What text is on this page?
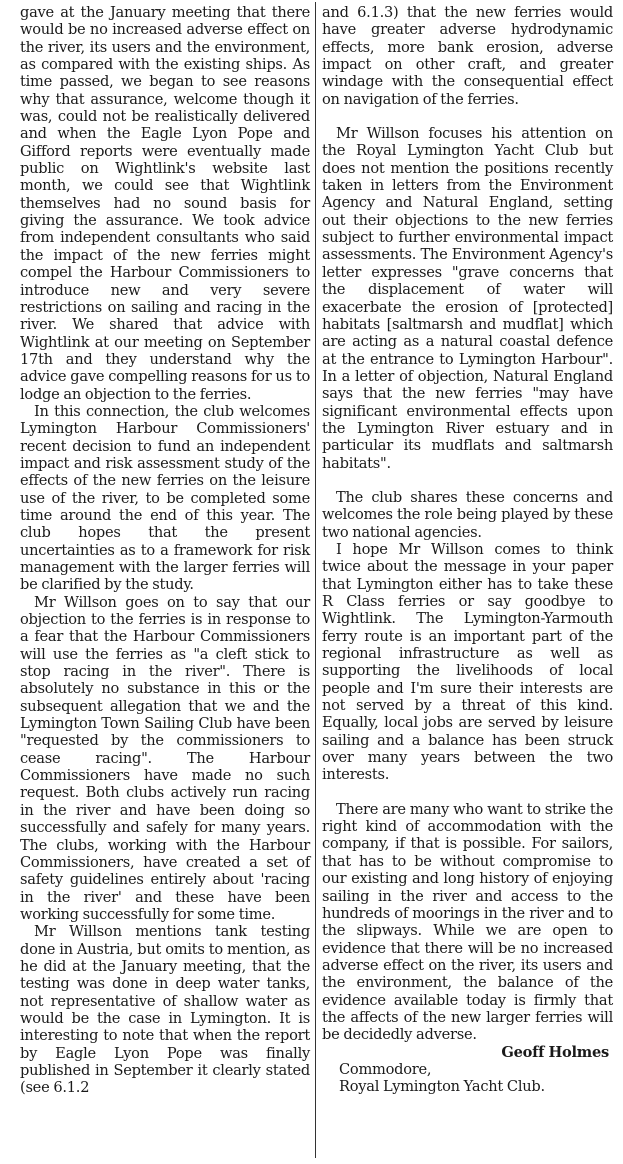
gave at the January meeting that there would be no increased adverse effect on the river, its users and the environment, as compared with the existing ships. As time passed, we began to see reasons why that assurance, welcome though it was, could not be realistically delivered and when the Eagle Lyon Pope and Gifford reports were eventually made public on Wightlink's website last month, we could see that Wightlink themselves had no sound basis for giving the assurance. We took advice from independent consultants who said the impact of the new ferries might compel the Harbour Commissioners to introduce new and very severe restrictions on sailing and racing in the river. We shared that advice with Wightlink at our meeting on September 17th and they understand why the advice gave compelling reasons for us to lodge an objection to the ferries.

In this connection, the club welcomes Lymington Harbour Commissioners' recent decision to fund an independent impact and risk assessment study of the effects of the new ferries on the leisure use of the river, to be completed some time around the end of this year. The club hopes that the present uncertainties as to a framework for risk management with the larger ferries will be clarified by the study.

Mr Willson goes on to say that our objection to the ferries is in response to a fear that the Harbour Commissioners will use the ferries as "a cleft stick to stop racing in the river". There is absolutely no substance in this or the subsequent allegation that we and the Lymington Town Sailing Club have been "requested by the commissioners to cease racing". The Harbour Commissioners have made no such request. Both clubs actively run racing in the river and have been doing so successfully and safely for many years. The clubs, working with the Harbour Commissioners, have created a set of safety guidelines entirely about 'racing in the river' and these have been working successfully for some time.

Mr Willson mentions tank testing done in Austria, but omits to mention, as he did at the January meeting, that the testing was done in deep water tanks, not representative of shallow water as would be the case in Lymington. It is interesting to note that when the report by Eagle Lyon Pope was finally published in September it clearly stated (see 6.1.2

and 6.1.3) that the new ferries would have greater adverse hydrodynamic effects, more bank erosion, adverse impact on other craft, and greater windage with the consequential effect on navigation of the ferries.

Mr Willson focuses his attention on the Royal Lymington Yacht Club but does not mention the positions recently taken in letters from the Environment Agency and Natural England, setting out their objections to the new ferries subject to further environmental impact assessments. The Environment Agency's letter expresses "grave concerns that the displacement of water will exacerbate the erosion of [protected] habitats [saltmarsh and mudflat] which are acting as a natural coastal defence at the entrance to Lymington Harbour". In a letter of objection, Natural England says that the new ferries "may have significant environmental effects upon the Lymington River estuary and in particular its mudflats and saltmarsh habitats".

The club shares these concerns and welcomes the role being played by these two national agencies.

I hope Mr Willson comes to think twice about the message in your paper that Lymington either has to take these R Class ferries or say goodbye to Wightlink. The Lymington-Yarmouth ferry route is an important part of the regional infrastructure as well as supporting the livelihoods of local people and I'm sure their interests are not served by a threat of this kind. Equally, local jobs are served by leisure sailing and a balance has been struck over many years between the two interests.

There are many who want to strike the right kind of accommodation with the company, if that is possible. For sailors, that has to be without compromise to our existing and long history of enjoying sailing in the river and access to the hundreds of moorings in the river and to the slipways. While we are open to evidence that there will be no increased adverse effect on the river, its users and the environment, the balance of the evidence available today is firmly that the affects of the new larger ferries will be decidedly adverse.

Geoff Holmes

Commodore,

Royal Lymington Yacht Club.
